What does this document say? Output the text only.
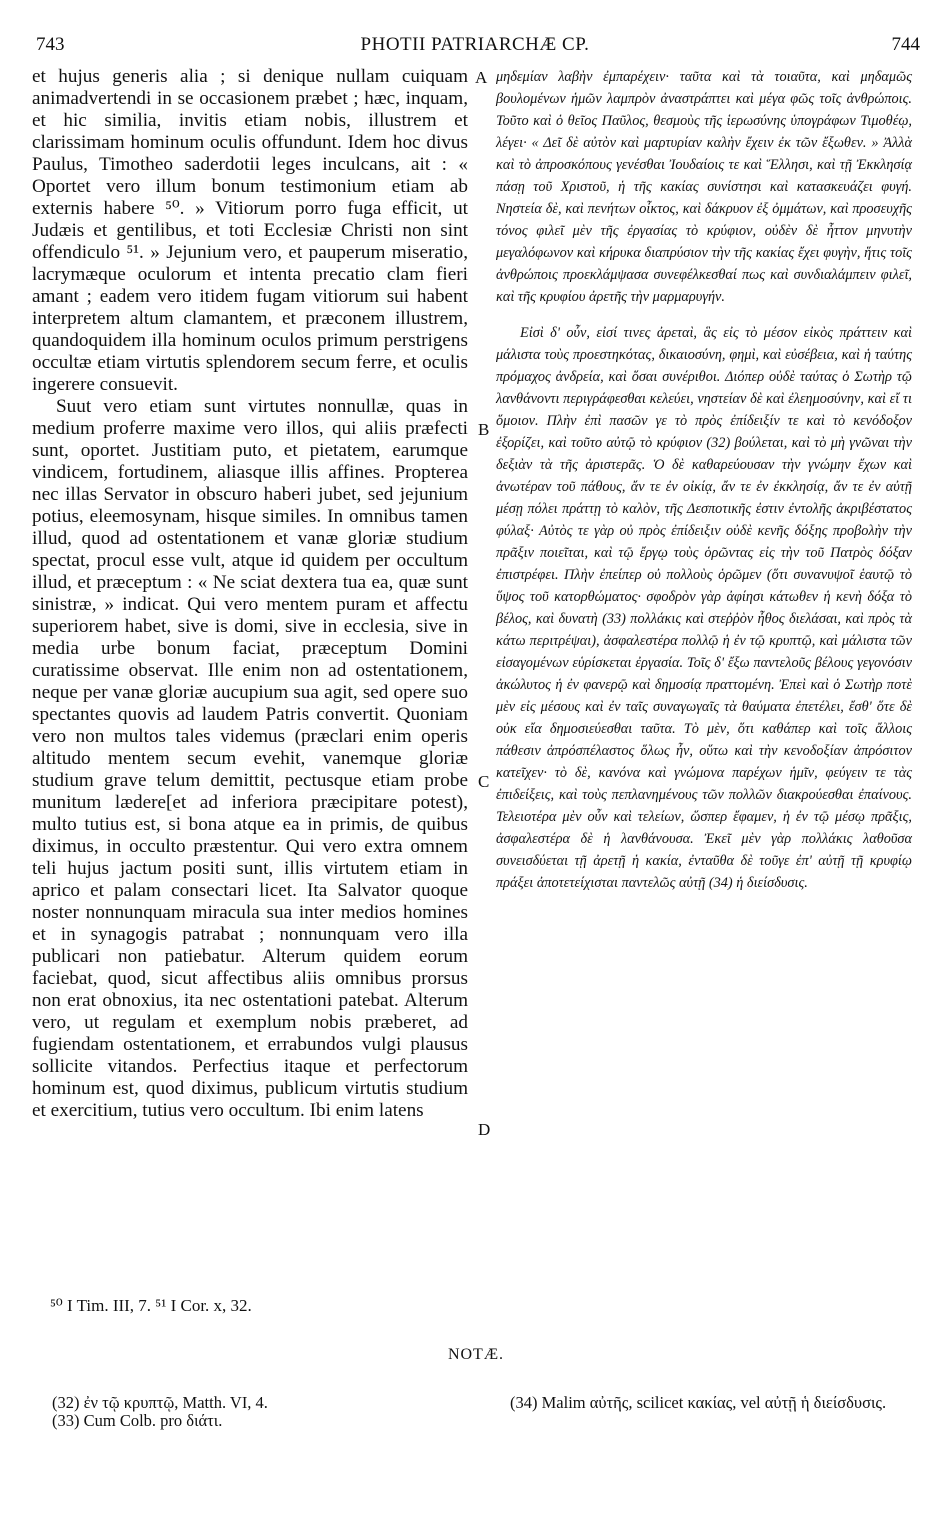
743	PHOTII PATRIARCHÆ CP.	744

et hujus generis alia ; si denique nullam cuiquam animadvertendi in se occasionem præbet ; hæc, inquam, et hic similia, invitis etiam nobis, illustrem et clarissimam hominum oculis offundunt. Idem hoc divus Paulus, Timotheo saderdotii leges inculcans, ait : « Oportet vero illum bonum testimonium etiam ab externis habere ⁵⁰. » Vitiorum porro fuga efficit, ut Judæis et gentilibus, et toti Ecclesiæ Christi non sint offendiculo ⁵¹. » Jejunium vero, et pauperum miseratio, lacrymæque oculorum et intenta precatio clam fieri amant ; eadem vero itidem fugam vitiorum sui habent interpretem altum clamantem, et præconem illustrem, quandoquidem illa hominum oculos primum perstrigens occultæ etiam virtutis splendorem secum ferre, et oculis ingerere consuevit.

Suut vero etiam sunt virtutes nonnullæ, quas in medium proferre maxime vero illos, qui aliis præfecti sunt, oportet. Justitiam puto, et pietatem, earumque vindicem, fortudinem, aliasque illis affines. Propterea nec illas Servator in obscuro haberi jubet, sed jejunium potius, eleemosynam, hisque similes. In omnibus tamen illud, quod ad ostentationem et vanæ gloriæ studium spectat, procul esse vult, atque id quidem per occultum illud, et præceptum : « Ne sciat dextera tua ea, quæ sunt sinistræ, » indicat. Qui vero mentem puram et affectu superiorem habet, sive is domi, sive in ecclesia, sive in media urbe bonum faciat, præceptum Domini curatissime observat. Ille enim non ad ostentationem, neque per vanæ gloriæ aucupium sua agit, sed opere suo spectantes quovis ad laudem Patris convertit. Quoniam vero non multos tales videmus (præclari enim operis altitudo mentem secum evehit, vanemque gloriæ studium grave telum demittit, pectusque etiam probe munitum lædere[et ad inferiora præcipitare potest), multo tutius est, si bona atque ea in primis, de quibus diximus, in occulto præstentur. Qui vero extra omnem teli hujus jactum positi sunt, illis virtutem etiam in aprico et palam consectari licet. Ita Salvator quoque noster nonnunquam miracula sua inter medios homines et in synagogis patrabat ; nonnunquam vero illa publicari non patiebatur. Alterum quidem eorum faciebat, quod, sicut affectibus aliis omnibus prorsus non erat obnoxius, ita nec ostentationi patebat. Alterum vero, ut regulam et exemplum nobis præberet, ad fugiendam ostentationem, et errabundos vulgi plausus sollicite vitandos. Perfectius itaque et perfectorum hominum est, quod diximus, publicum virtutis studium et exercitium, tutius vero occultum. Ibi enim latens

μηδεμίαν λαβὴν ἐμπαρέχειν· ταῦτα καὶ τὰ τοιαῦτα, καὶ μηδαμῶς βουλομένων ἡμῶν λαμπρὸν ἀναστράπτει καὶ μέγα φῶς τοῖς ἀνθρώποις. Τοῦτο καὶ ὁ θεῖος Παῦλος, θεσμοὺς τῆς ἱερωσύνης ὑπογράφων Τιμοθέῳ, λέγει· « Δεῖ δὲ αὐτὸν καὶ μαρτυρίαν καλὴν ἔχειν ἐκ τῶν ἔξωθεν. » Ἀλλὰ καὶ τὸ ἀπροσκόπους γενέσθαι Ἰουδαίοις τε καὶ Ἕλλησι, καὶ τῇ Ἐκκλησίᾳ πάσῃ τοῦ Χριστοῦ, ἡ τῆς κακίας συνίστησι καὶ κατασκευάζει φυγή. Νηστεία δὲ, καὶ πενήτων οἶκτος, καὶ δάκρυον ἐξ ὀμμάτων, καὶ προσευχῆς τόνος φιλεῖ μὲν τῆς ἐργασίας τὸ κρύφιον, οὐδὲν δὲ ἧττον μηνυτὴν μεγαλόφωνον καὶ κήρυκα διαπρύσιον τὴν τῆς κακίας ἔχει φυγὴν, ἥτις τοῖς ἀνθρώποις προεκλάμψασα συνεφέλκεσθαί πως καὶ συνδιαλάμπειν φιλεῖ, καὶ τῆς κρυφίου ἀρετῆς τὴν μαρμαρυγήν.

Εἰσὶ δ' οὖν, εἰσί τινες ἀρεταὶ, ἃς εἰς τὸ μέσον εἰκὸς πράττειν καὶ μάλιστα τοὺς προεστηκότας, δικαιοσύνη, φημὶ, καὶ εὐσέβεια, καὶ ἡ ταύτης πρόμαχος ἀνδρεία, καὶ ὅσαι συνέριθοι. Διόπερ οὐδὲ ταύτας ὁ Σωτὴρ τῷ λανθάνοντι περιγράφεσθαι κελεύει, νηστείαν δὲ καὶ ἐλεημοσύνην, καὶ εἴ τι ὅμοιον. Πλὴν ἐπὶ πασῶν γε τὸ πρὸς ἐπίδειξίν τε καὶ τὸ κενόδοξον ἐξορίζει, καὶ τοῦτο αὐτῷ τὸ κρύφιον (32) βούλεται, καὶ τὸ μὴ γνῶναι τὴν δεξιὰν τὰ τῆς ἀριστερᾶς. Ὁ δὲ καθαρεύουσαν τὴν γνώμην ἔχων καὶ ἀνωτέραν τοῦ πάθους, ἄν τε ἐν οἰκίᾳ, ἄν τε ἐν ἐκκλησίᾳ, ἄν τε ἐν αὐτῇ μέσῃ πόλει πράττῃ τὸ καλὸν, τῆς Δεσποτικῆς ἐστιν ἐντολῆς ἀκριβέστατος φύλαξ· Αὐτὸς τε γὰρ οὐ πρὸς ἐπίδειξιν οὐδὲ κενῆς δόξης προβολὴν τὴν πρᾶξιν ποιεῖται, καὶ τῷ ἔργῳ τοὺς ὁρῶντας εἰς τὴν τοῦ Πατρὸς δόξαν ἐπιστρέφει. Πλὴν ἐπείπερ οὐ πολλοὺς ὁρῶμεν (ὅτι συνανυψοῖ ἑαυτῷ τὸ ὕψος τοῦ κατορθώματος· σφοδρὸν γὰρ ἀφίησι κάτωθεν ἡ κενὴ δόξα τὸ βέλος, καὶ δυνατὴ (33) πολλάκις καὶ στεῤῥὸν ἦθος διελάσαι, καὶ πρὸς τὰ κάτω περιτρέψαι), ἀσφαλεστέρα πολλῷ ἡ ἐν τῷ κρυπτῷ, καὶ μάλιστα τῶν εἰσαγομένων εὑρίσκεται ἐργασία. Τοῖς δ' ἔξω παντελοῦς βέλους γεγονόσιν ἀκώλυτος ἡ ἐν φανερῷ καὶ δημοσίᾳ πραττομένη. Ἐπεὶ καὶ ὁ Σωτὴρ ποτὲ μὲν εἰς μέσους καὶ ἐν ταῖς συναγωγαῖς τὰ θαύματα ἐπετέλει, ἔσθ' ὅτε δὲ οὐκ εἴα δημοσιεύεσθαι ταῦτα. Τὸ μὲν, ὅτι καθάπερ καὶ τοῖς ἄλλοις πάθεσιν ἀπρόσπέλαστος ὅλως ἦν, οὕτω καὶ τὴν κενοδοξίαν ἀπρόσιτον κατεῖχεν· τὸ δὲ, κανόνα καὶ γνώμονα παρέχων ἡμῖν, φεύγειν τε τὰς ἐπιδείξεις, καὶ τοὺς πεπλανημένους τῶν πολλῶν διακρούεσθαι ἐπαίνους. Τελειοτέρα μὲν οὖν καὶ τελείων, ὥσπερ ἔφαμεν, ἡ ἐν τῷ μέσῳ πρᾶξις, ἀσφαλεστέρα δὲ ἡ λανθάνουσα. Ἐκεῖ μὲν γὰρ πολλάκις λαθοῦσα συνεισδύεται τῇ ἀρετῇ ἡ κακία, ἐνταῦθα δὲ τοῦγε ἐπ' αὐτῇ τῇ κρυφίῳ πράξει ἀποτετείχισται παντελῶς αὐτῇ (34) ἡ διείσδυσις.

A
B
C
D
⁵⁰ I Tim. III, 7. ⁵¹ I Cor. x, 32.
NOTÆ.

(32) ἐν τῷ κρυπτῷ, Matth. VI, 4.

(33) Cum Colb. pro διάτι.

(34) Malim αὐτῆς, scilicet κακίας, vel αὐτῇ ἡ διείσδυσις.
